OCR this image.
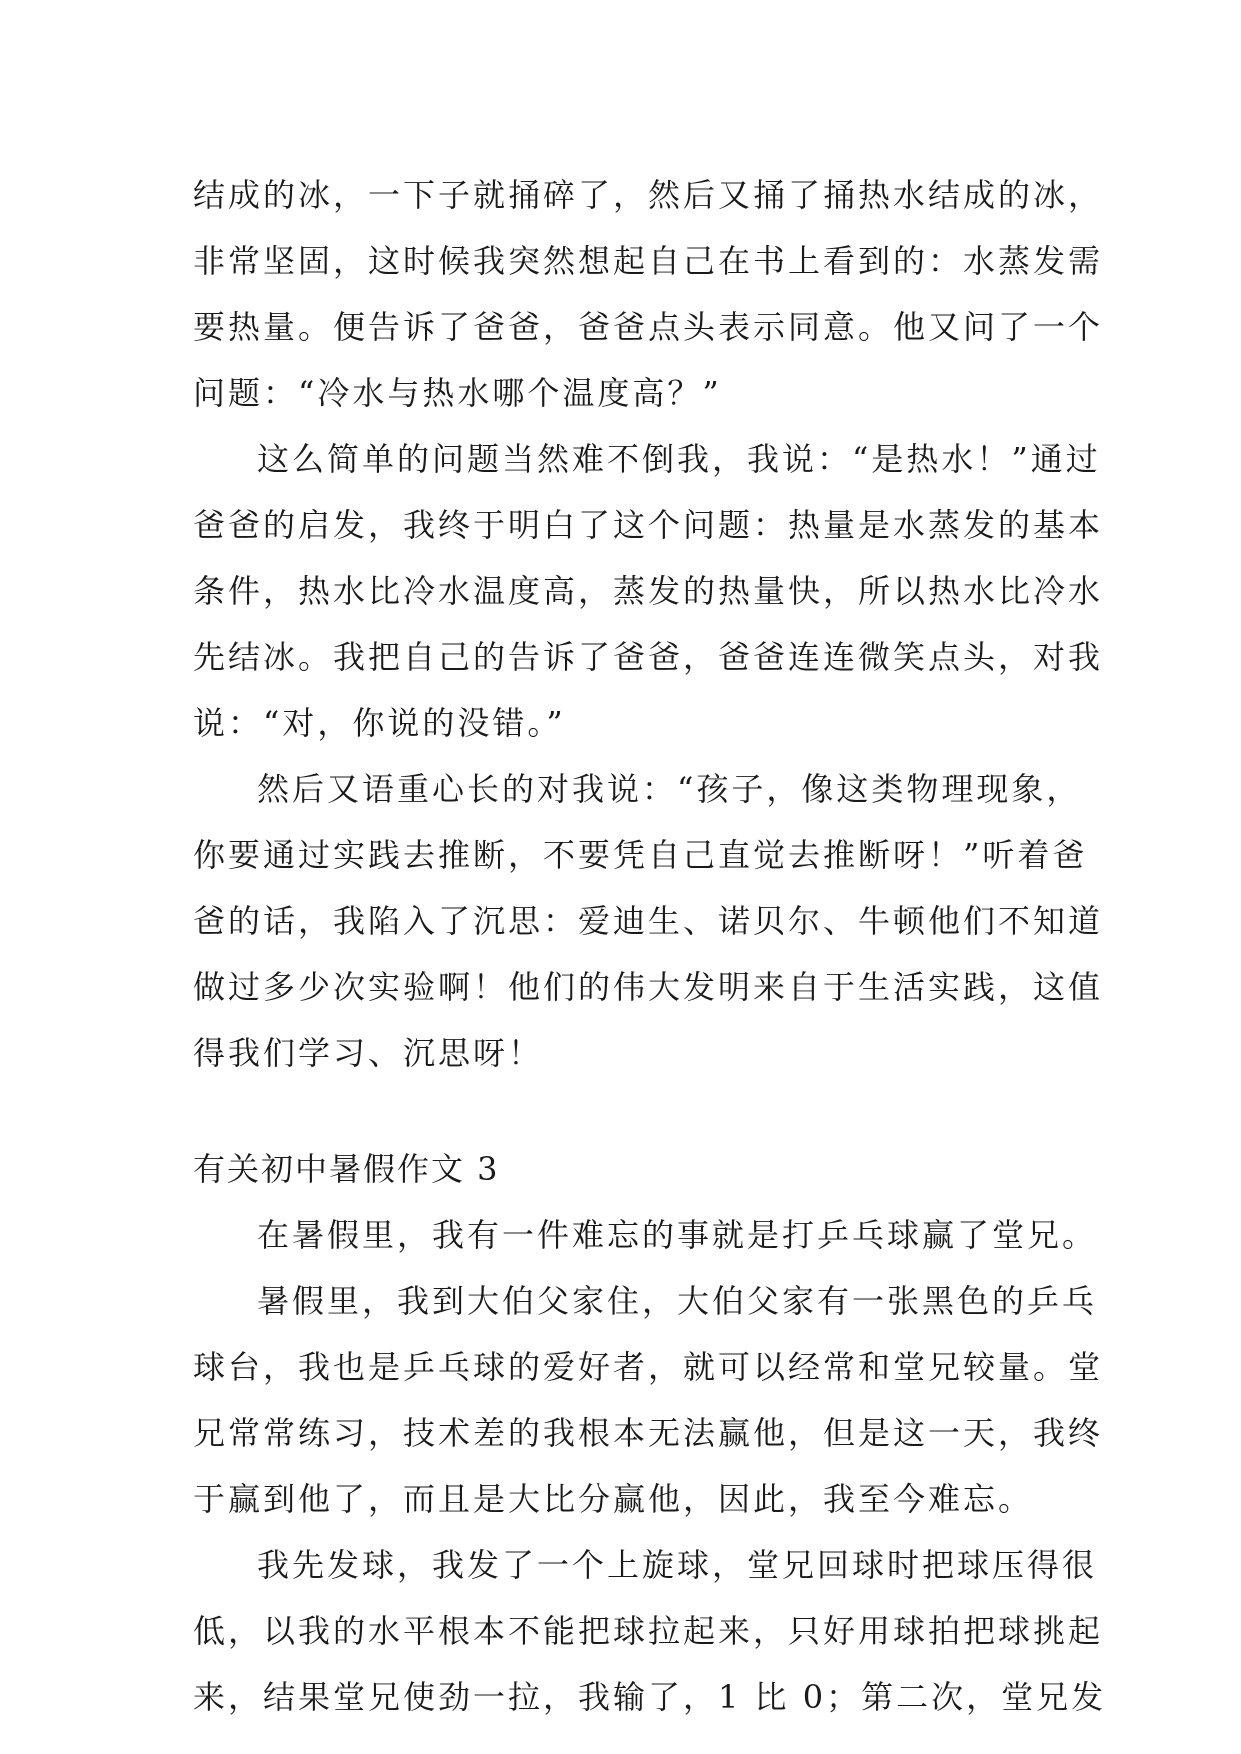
结成的冰，一下子就捅碎了，然后又捅了捅热水结成的冰，
非常坚固，这时候我突然想起自己在书上看到的：水蒸发需
要热量。便告诉了爸爸，爸爸点头表示同意。他又问了一个
问题：“冷水与热水哪个温度高？”
这么简单的问题当然难不倒我，我说：“是热水！”通过
爸爸的启发，我终于明白了这个问题：热量是水蒸发的基本
条件，热水比冷水温度高，蒸发的热量快，所以热水比冷水
先结冰。我把自己的告诉了爸爸，爸爸连连微笑点头，对我
说：“对，你说的没错。”
然后又语重心长的对我说：“孩子，像这类物理现象，
你要通过实践去推断，不要凭自己直觉去推断呀！”听着爸
爸的话，我陷入了沉思：爱迪生、诺贝尔、牛顿他们不知道
做过多少次实验啊！他们的伟大发明来自于生活实践，这值
得我们学习、沉思呀！
有关初中暑假作文 3
在暑假里，我有一件难忘的事就是打乒乓球赢了堂兄。
暑假里，我到大伯父家住，大伯父家有一张黑色的乒乓
球台，我也是乒乓球的爱好者，就可以经常和堂兄较量。堂
兄常常练习，技术差的我根本无法赢他，但是这一天，我终
于赢到他了，而且是大比分赢他，因此，我至今难忘。
我先发球，我发了一个上旋球，堂兄回球时把球压得很
低，以我的水平根本不能把球拉起来，只好用球拍把球挑起
来，结果堂兄使劲一拉，我输了，1 比 0；第二次，堂兄发
